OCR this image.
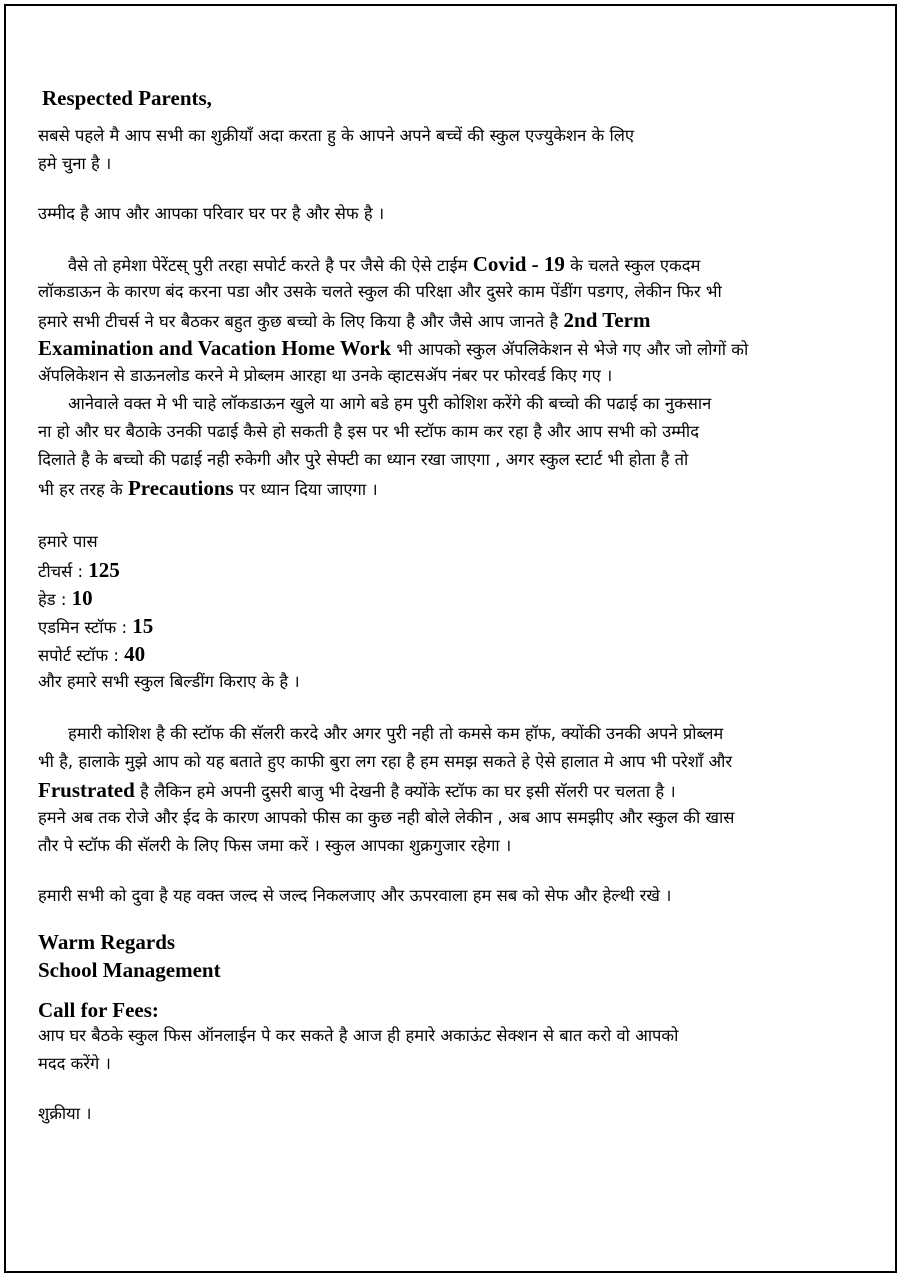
Respected Parents,
सबसे पहले मै आप सभी का शुक्रीयाँ अदा करता हु के आपने अपने बच्चें की स्कुल एज्युकेशन के लिए
हमे चुना है ।
उम्मीद है आप और आपका परिवार घर पर है और सेफ है ।
वैसे तो हमेशा पेरेंटस् पुरी तरहा सपोर्ट करते है पर जैसे की ऐसे टाईम Covid - 19 के चलते स्कुल एकदम
लॉकडाऊन के कारण बंद करना पडा और उसके चलते स्कुल की परिक्षा और दुसरे काम पेंडींग पडगए, लेकीन फिर भी
हमारे सभी टीचर्स ने घर बैठकर बहुत कुछ बच्चो के लिए किया है और जैसे आप जानते है 2nd Term
Examination and Vacation Home Work भी आपको स्कुल ॲपलिकेशन से भेजे गए और जो लोगों को
ॲपलिकेशन से डाऊनलोड करने मे प्रोब्लम आरहा था उनके व्हाटसॲप नंबर पर फोरवर्ड किए गए ।
आनेवाले वक्त मे भी चाहे लॉकडाऊन खुले या आगे बडे हम पुरी कोशिश करेंगे की बच्चो की पढाई का नुकसान
ना हो और घर बैठाके उनकी पढाई कैसे हो सकती है इस पर भी स्टॉफ काम कर रहा है और आप सभी को उम्मीद
दिलाते है के बच्चो की पढाई नही रुकेगी और पुरे सेफ्टी का ध्यान रखा जाएगा , अगर स्कुल स्टार्ट भी होता है तो
भी हर तरह के Precautions पर ध्यान दिया जाएगा ।
हमारे पास
टीचर्स : 125
हेड : 10
एडमिन स्टॉफ : 15
सपोर्ट स्टॉफ : 40
और हमारे सभी स्कुल बिल्डींग किराए के है ।
हमारी कोशिश है की स्टॉफ की सॅलरी करदे और अगर पुरी नही तो कमसे कम हॉफ, क्योंकी उनकी अपने प्रोब्लम
भी है, हालाके मुझे आप को यह बताते हुए काफी बुरा लग रहा है हम समझ सकते हे ऐसे हालात मे आप भी परेशाँ और
Frustrated है लैकिन हमे अपनी दुसरी बाजु भी देखनी है क्योंके स्टॉफ का घर इसी सॅलरी पर चलता है ।
हमने अब तक रोजे और ईद के कारण आपको फीस का कुछ नही बोले लेकीन , अब आप समझीए और स्कुल की खास
तौर पे स्टॉफ की सॅलरी के लिए फिस जमा करें । स्कुल आपका शुक्रगुजार रहेगा ।
हमारी सभी को दुवा है यह वक्त जल्द से जल्द निकलजाए और ऊपरवाला हम सब को सेफ और हेल्थी रखे ।
Warm Regards
School Management
Call for Fees:
आप घर बैठके स्कुल फिस ऑनलाईन पे कर सकते है आज ही हमारे अकाऊंट सेक्शन से बात करो वो आपको
मदद करेंगे ।
शुक्रीया ।
